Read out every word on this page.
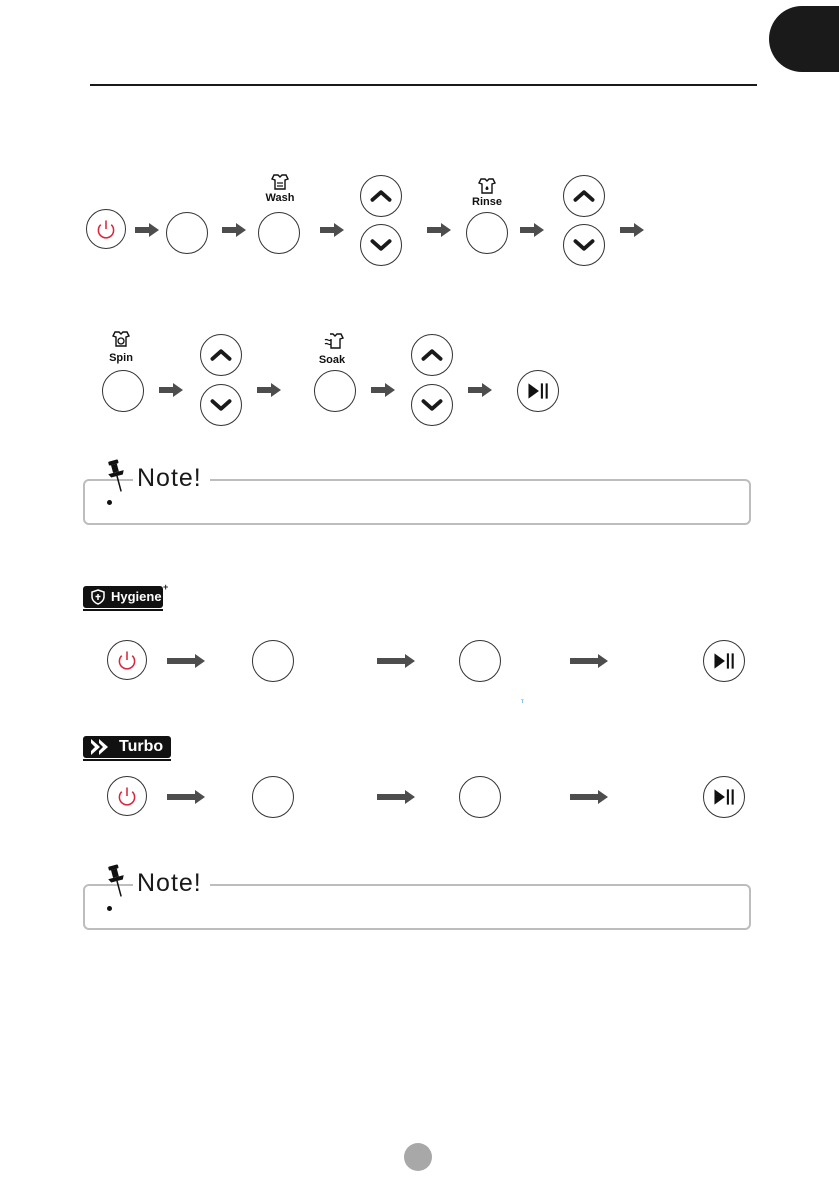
Wash	Rinse
Spin	Soak
Note!
Hygiene
+
т
Turbo
Note!
